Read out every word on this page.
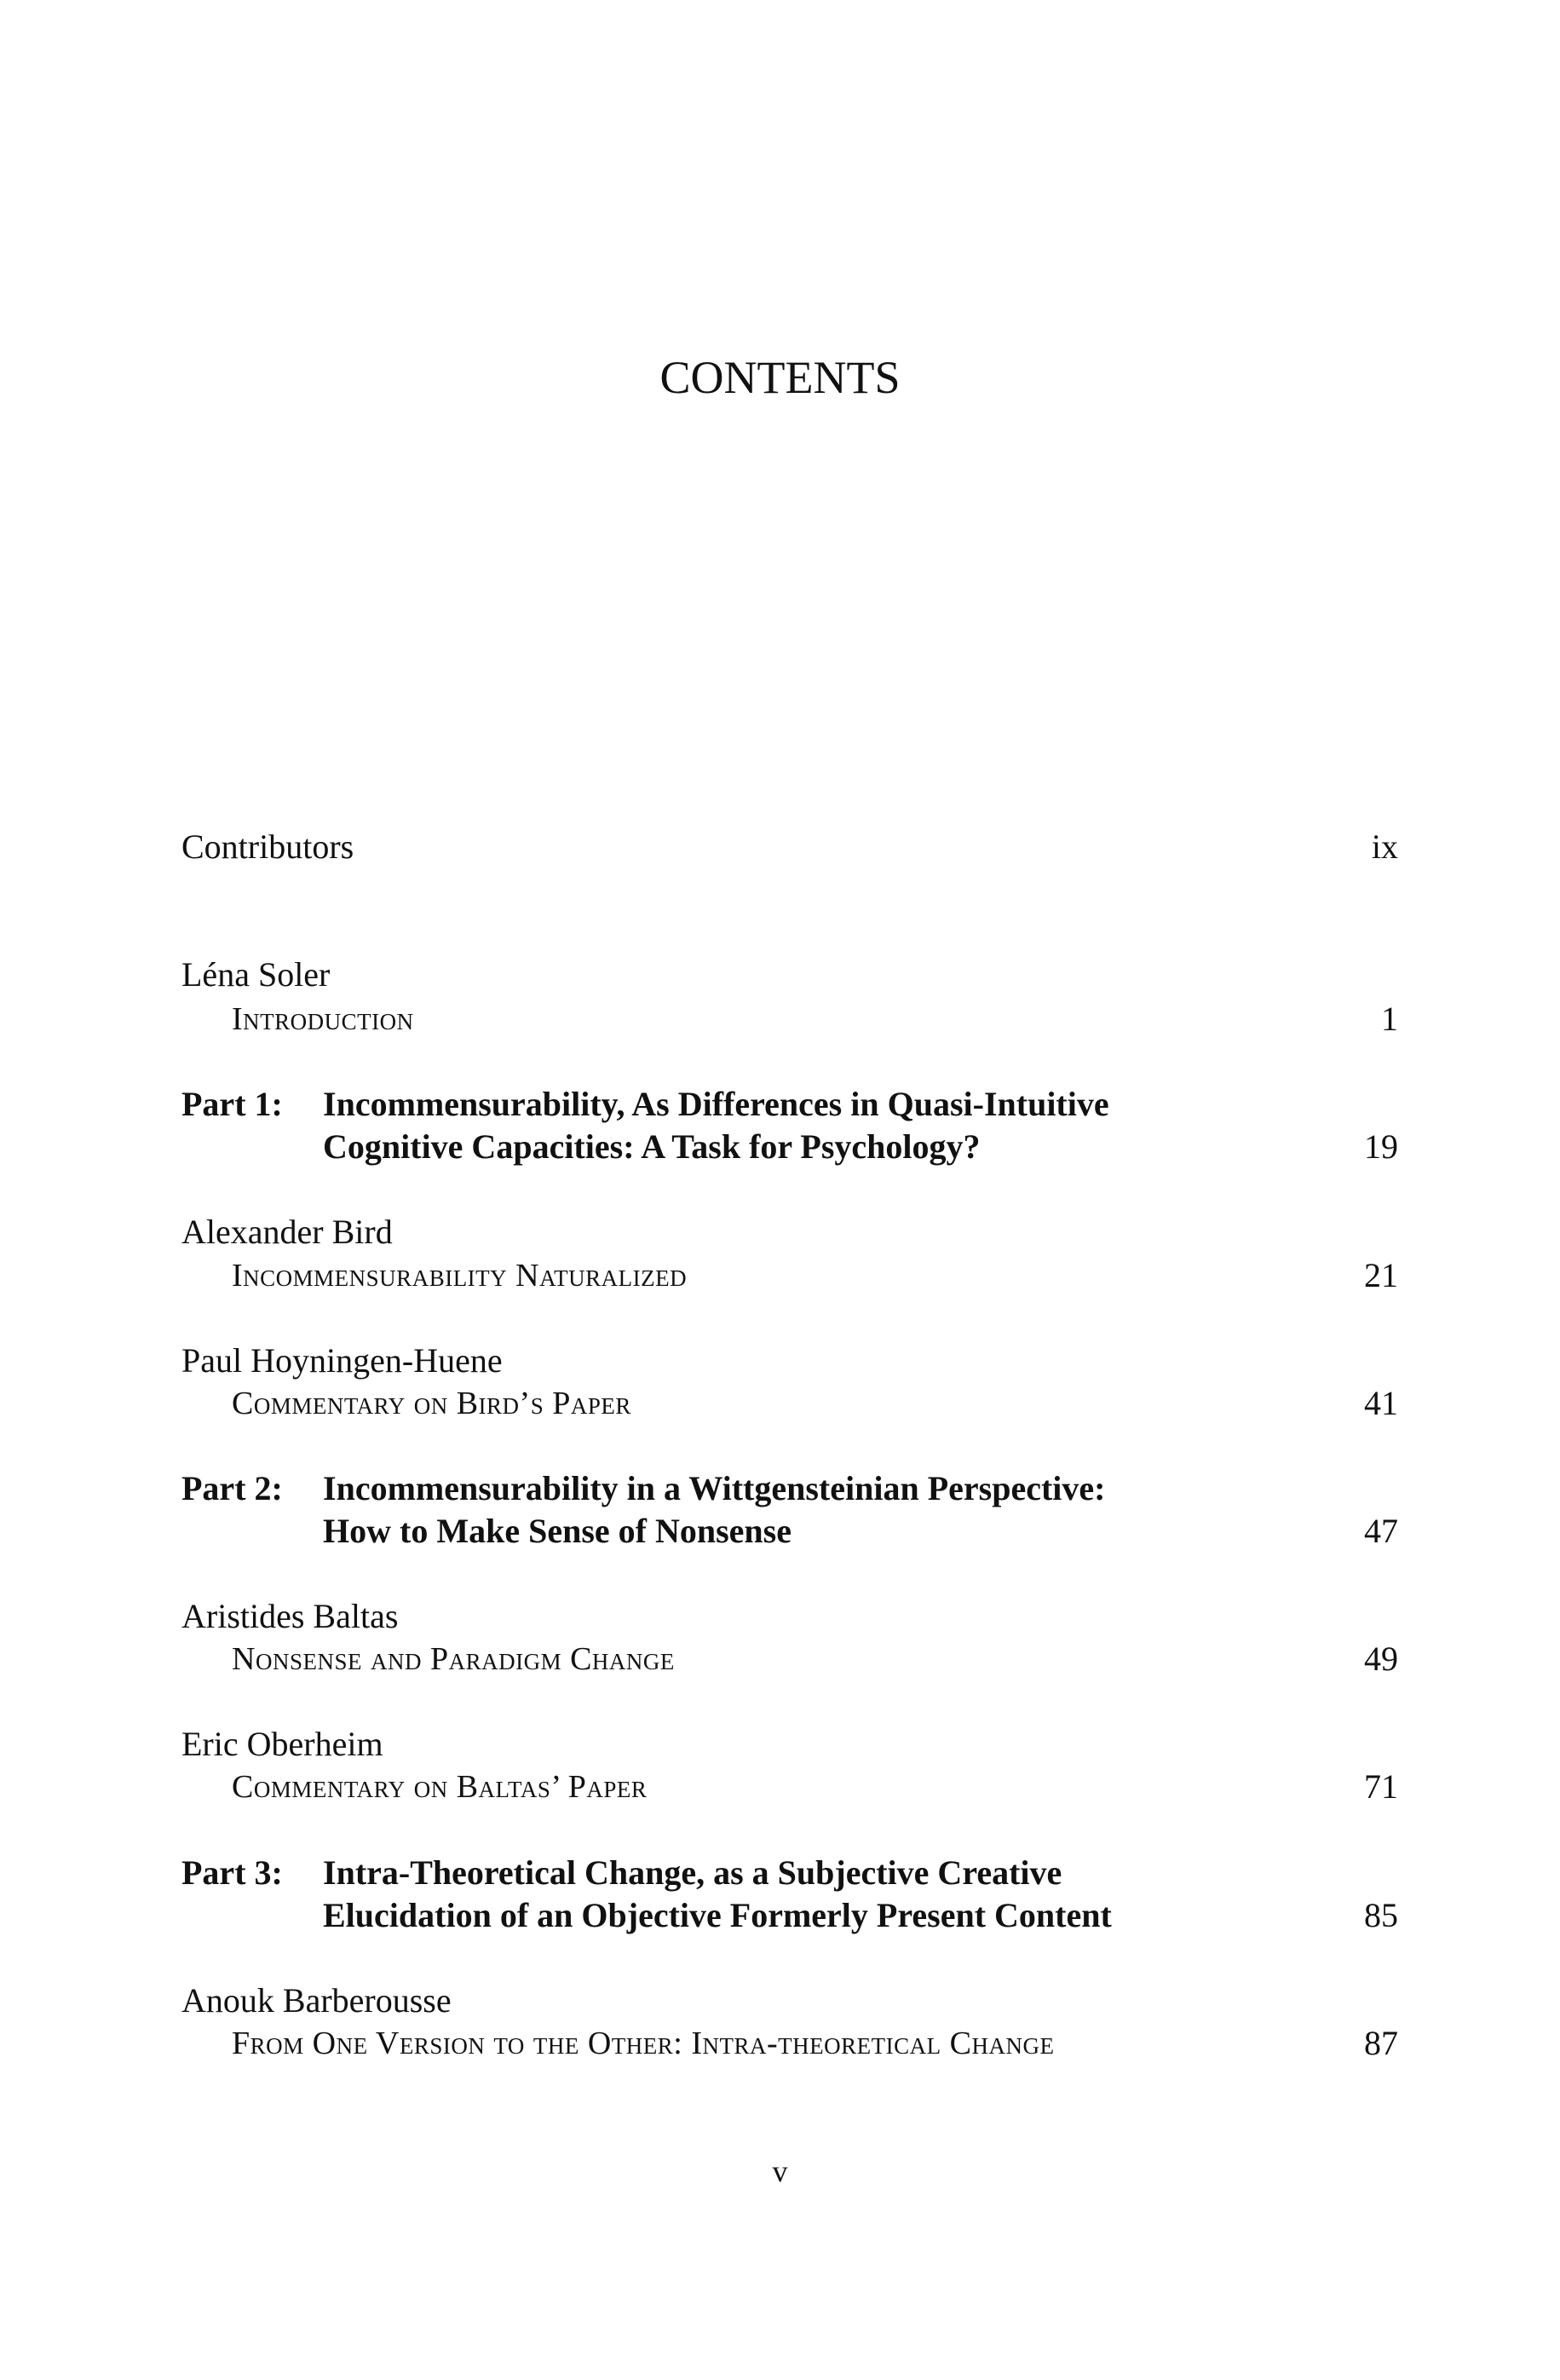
CONTENTS
Contributors	ix
Léna Soler
Introduction	1
Part 1: Incommensurability, As Differences in Quasi-Intuitive
Cognitive Capacities: A Task for Psychology?	19
Alexander Bird
Incommensurability Naturalized	21
Paul Hoyningen-Huene
Commentary on Bird’s Paper	41
Part 2: Incommensurability in a Wittgensteinian Perspective:
How to Make Sense of Nonsense	47
Aristides Baltas
Nonsense and Paradigm Change	49
Eric Oberheim
Commentary on Baltas’ Paper	71
Part 3: Intra-Theoretical Change, as a Subjective Creative
Elucidation of an Objective Formerly Present Content	85
Anouk Barberousse
From One Version to the Other: Intra-theoretical Change	87
v
